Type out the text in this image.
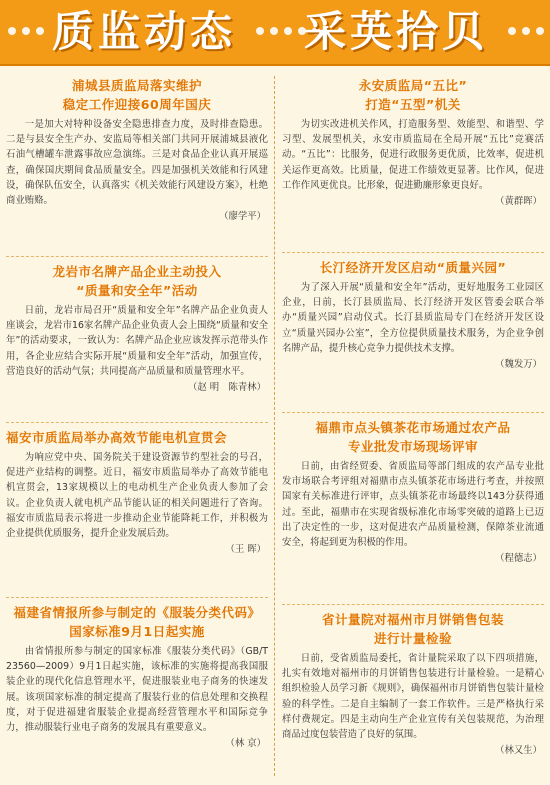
质监动态 采英拾贝
浦城县质监局落实维护
稳定工作迎接60周年国庆
一是加大对特种设备安全隐患排查力度，及时排查隐患。二是与县安全生产办、安监局等相关部门共同开展浦城县液化石油气槽罐车泄露事故应急演练。三是对食品企业认真开展巡查，确保国庆期间食品质量安全。四是加强机关效能和行风建设，确保队伍安全，认真落实《机关效能行风建设方案》，杜绝商业贿赂。
（廖学平）
龙岩市名牌产品企业主动投入
“质量和安全年”活动
日前，龙岩市局召开“质量和安全年”名牌产品企业负责人座谈会，龙岩市16家名牌产品企业负责人会上围绕“质量和安全年”的活动要求，一致认为：名牌产品企业应该发挥示范带头作用，各企业应结合实际开展“质量和安全年”活动，加强宣传，营造良好的活动气氛；共同提高产品质量和质量管理水平。
（赵 明　陈青林）
福安市质监局举办高效节能电机宣贯会
为响应党中央、国务院关于建设资源节约型社会的号召，促进产业结构的调整。近日，福安市质监局举办了高效节能电机宣贯会，13家规模以上的电动机生产企业负责人参加了会议。企业负责人就电机产品节能认证的相关问题进行了咨询。福安市质监局表示将进一步推动企业节能降耗工作，并积极为企业提供优质服务，提升企业发展后劲。
（王 晖）
福建省情报所参与制定的《服装分类代码》
国家标准9月1日起实施
由省情报所参与制定的国家标准《服装分类代码》（GB/T 23560—2009）9月1日起实施，该标准的实施将提高我国服装企业的现代化信息管理水平，促进服装业电子商务的快速发展。该项国家标准的制定提高了服装行业的信息处理和交换程度，对于促进福建省服装企业提高经营管理水平和国际竞争力，推动服装行业电子商务的发展具有重要意义。
（林 京）
永安质监局“五比”
打造“五型”机关
为切实改进机关作风，打造服务型、效能型、和谐型、学习型、发展型机关，永安市质监局在全局开展“五比”竞赛活动。“五比”：比服务，促进行政服务更优质，比效率，促进机关运作更高效。比质量，促进工作绩效更显著。比作风，促进工作作风更优良。比形象，促进勤廉形象更良好。
（黄群晖）
长汀经济开发区启动“质量兴园”
为了深入开展“质量和安全年”活动，更好地服务工业园区企业，日前，长汀县质监局、长汀经济开发区管委会联合举办“质量兴园”启动仪式。长汀县质监局专门在经济开发区设立“质量兴园办公室”，全方位提供质量技术服务，为企业争创名牌产品，提升核心竞争力提供技术支撑。
（魏发万）
福鼎市点头镇茶花市场通过农产品
专业批发市场现场评审
日前，由省经贸委、省质监局等部门组成的农产品专业批发市场联合考评组对福鼎市点头镇茶花市场进行考查，并按照国家有关标准进行评审，点头镇茶花市场最终以143分获得通过。至此，福鼎市在实现省级标准化市场零突破的道路上已迈出了决定性的一步，这对促进农产品质量检测，保障茶业流通安全，将起到更为积极的作用。
（程德志）
省计量院对福州市月饼销售包装
进行计量检验
日前，受省质监局委托，省计量院采取了以下四项措施，扎实有效地对福州市的月饼销售包装进行计量检验。一是精心组织检验人员学习新《规则》，确保福州市月饼销售包装计量检验的科学性。二是自主编制了一套工作软件。三是严格执行采样付费规定。四是主动向生产企业宣传有关包装规范，为治理商品过度包装营造了良好的氛围。
（林又生）
